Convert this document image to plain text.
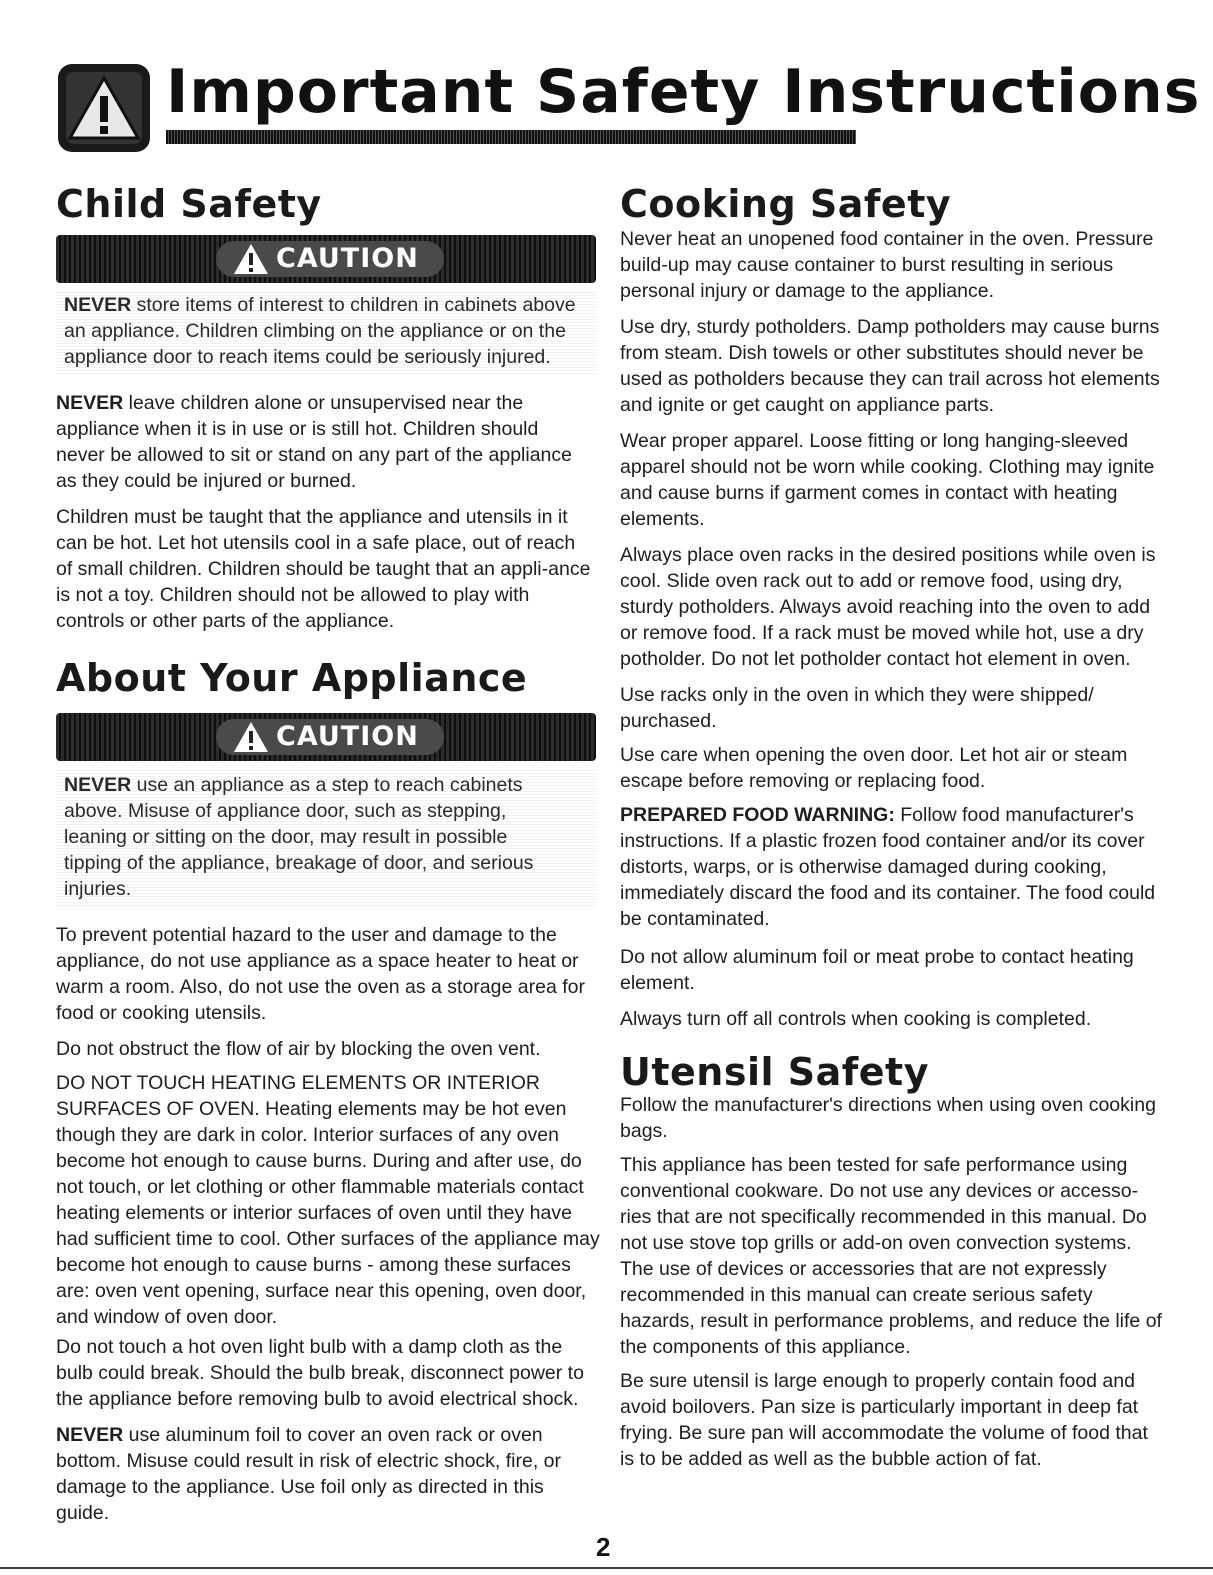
Important Safety Instructions
Child Safety
CAUTION

NEVER store items of interest to children in cabinets above an appliance. Children climbing on the appliance or on the appliance door to reach items could be seriously injured.

NEVER leave children alone or unsupervised near the appliance when it is in use or is still hot. Children should never be allowed to sit or stand on any part of the appliance as they could be injured or burned.

Children must be taught that the appliance and utensils in it can be hot. Let hot utensils cool in a safe place, out of reach of small children. Children should be taught that an appli-ance is not a toy. Children should not be allowed to play with controls or other parts of the appliance.

About Your Appliance
CAUTION

NEVER use an appliance as a step to reach cabinets above. Misuse of appliance door, such as stepping, leaning or sitting on the door, may result in possible tipping of the appliance, breakage of door, and serious injuries.

To prevent potential hazard to the user and damage to the appliance, do not use appliance as a space heater to heat or warm a room. Also, do not use the oven as a storage area for food or cooking utensils.

Do not obstruct the flow of air by blocking the oven vent.

DO NOT TOUCH HEATING ELEMENTS OR INTERIOR SURFACES OF OVEN. Heating elements may be hot even though they are dark in color. Interior surfaces of any oven become hot enough to cause burns. During and after use, do not touch, or let clothing or other flammable materials contact heating elements or interior surfaces of oven until they have had sufficient time to cool. Other surfaces of the appliance may become hot enough to cause burns - among these surfaces are: oven vent opening, surface near this opening, oven door, and window of oven door.

Do not touch a hot oven light bulb with a damp cloth as the bulb could break. Should the bulb break, disconnect power to the appliance before removing bulb to avoid electrical shock.

NEVER use aluminum foil to cover an oven rack or oven bottom. Misuse could result in risk of electric shock, fire, or damage to the appliance. Use foil only as directed in this guide.

Cooking Safety

Never heat an unopened food container in the oven. Pressure build-up may cause container to burst resulting in serious personal injury or damage to the appliance.

Use dry, sturdy potholders. Damp potholders may cause burns from steam. Dish towels or other substitutes should never be used as potholders because they can trail across hot elements and ignite or get caught on appliance parts.

Wear proper apparel. Loose fitting or long hanging-sleeved apparel should not be worn while cooking. Clothing may ignite and cause burns if garment comes in contact with heating elements.

Always place oven racks in the desired positions while oven is cool. Slide oven rack out to add or remove food, using dry, sturdy potholders. Always avoid reaching into the oven to add or remove food. If a rack must be moved while hot, use a dry potholder. Do not let potholder contact hot element in oven.

Use racks only in the oven in which they were shipped/ purchased.

Use care when opening the oven door. Let hot air or steam escape before removing or replacing food.

PREPARED FOOD WARNING: Follow food manufacturer's instructions. If a plastic frozen food container and/or its cover distorts, warps, or is otherwise damaged during cooking, immediately discard the food and its container. The food could be contaminated.

Do not allow aluminum foil or meat probe to contact heating element.

Always turn off all controls when cooking is completed.

Utensil Safety

Follow the manufacturer's directions when using oven cooking bags.

This appliance has been tested for safe performance using conventional cookware. Do not use any devices or accesso-ries that are not specifically recommended in this manual. Do not use stove top grills or add-on oven convection systems. The use of devices or accessories that are not expressly recommended in this manual can create serious safety hazards, result in performance problems, and reduce the life of the components of this appliance.

Be sure utensil is large enough to properly contain food and avoid boilovers. Pan size is particularly important in deep fat frying. Be sure pan will accommodate the volume of food that is to be added as well as the bubble action of fat.

2
